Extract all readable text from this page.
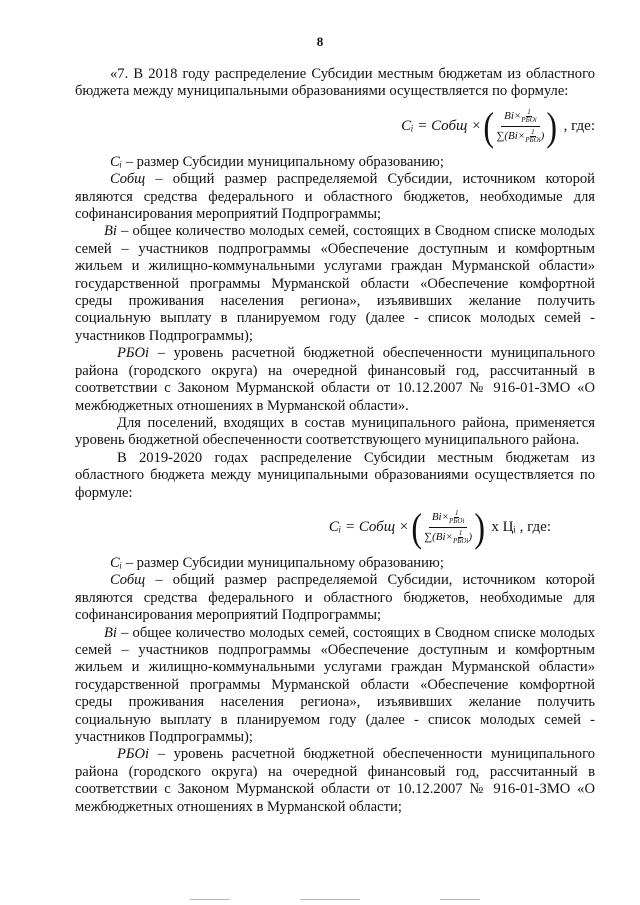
8

«7. В 2018 году распределение Субсидии местным бюджетам из областного бюджета между муниципальными образованиями осуществляется по формуле:

Cᵢ = Cобщ × ( Bi× 1
РБОi
∑(Bi× 1
РБОi ) ) , где:

Cᵢ – размер Субсидии муниципальному образованию;

Cобщ – общий размер распределяемой Субсидии, источником которой являются средства федерального и областного бюджетов, необходимые для софинансирования мероприятий Подпрограммы;

Bi – общее количество молодых семей, состоящих в Сводном списке молодых семей – участников подпрограммы «Обеспечение доступным и комфортным жильем и жилищно-коммунальными услугами граждан Мурманской области» государственной программы Мурманской области «Обеспечение комфортной среды проживания населения региона», изъявивших желание получить социальную выплату в планируемом году (далее - список молодых семей - участников Подпрограммы);

РБОi – уровень расчетной бюджетной обеспеченности муниципального района (городского округа) на очередной финансовый год, рассчитанный в соответствии с Законом Мурманской области от 10.12.2007 № 916-01-ЗМО «О межбюджетных отношениях в Мурманской области».

Для поселений, входящих в состав муниципального района, применяется уровень бюджетной обеспеченности соответствующего муниципального района.

В 2019-2020 годах распределение Субсидии местным бюджетам из областного бюджета между муниципальными образованиями осуществляется по формуле:

Cᵢ = Cобщ × ( Bi× 1
РБОi
∑(Bi× 1
РБОi ) ) x Цᵢ , где:

Cᵢ – размер Субсидии муниципальному образованию;

Cобщ – общий размер распределяемой Субсидии, источником которой являются средства федерального и областного бюджетов, необходимые для софинансирования мероприятий Подпрограммы;

Bi – общее количество молодых семей, состоящих в Сводном списке молодых семей – участников подпрограммы «Обеспечение доступным и комфортным жильем и жилищно-коммунальными услугами граждан Мурманской области» государственной программы Мурманской области «Обеспечение комфортной среды проживания населения региона», изъявивших желание получить социальную выплату в планируемом году (далее - список молодых семей - участников Подпрограммы);

РБОi – уровень расчетной бюджетной обеспеченности муниципального района (городского округа) на очередной финансовый год, рассчитанный в соответствии с Законом Мурманской области от 10.12.2007 № 916-01-ЗМО «О межбюджетных отношениях в Мурманской области;
